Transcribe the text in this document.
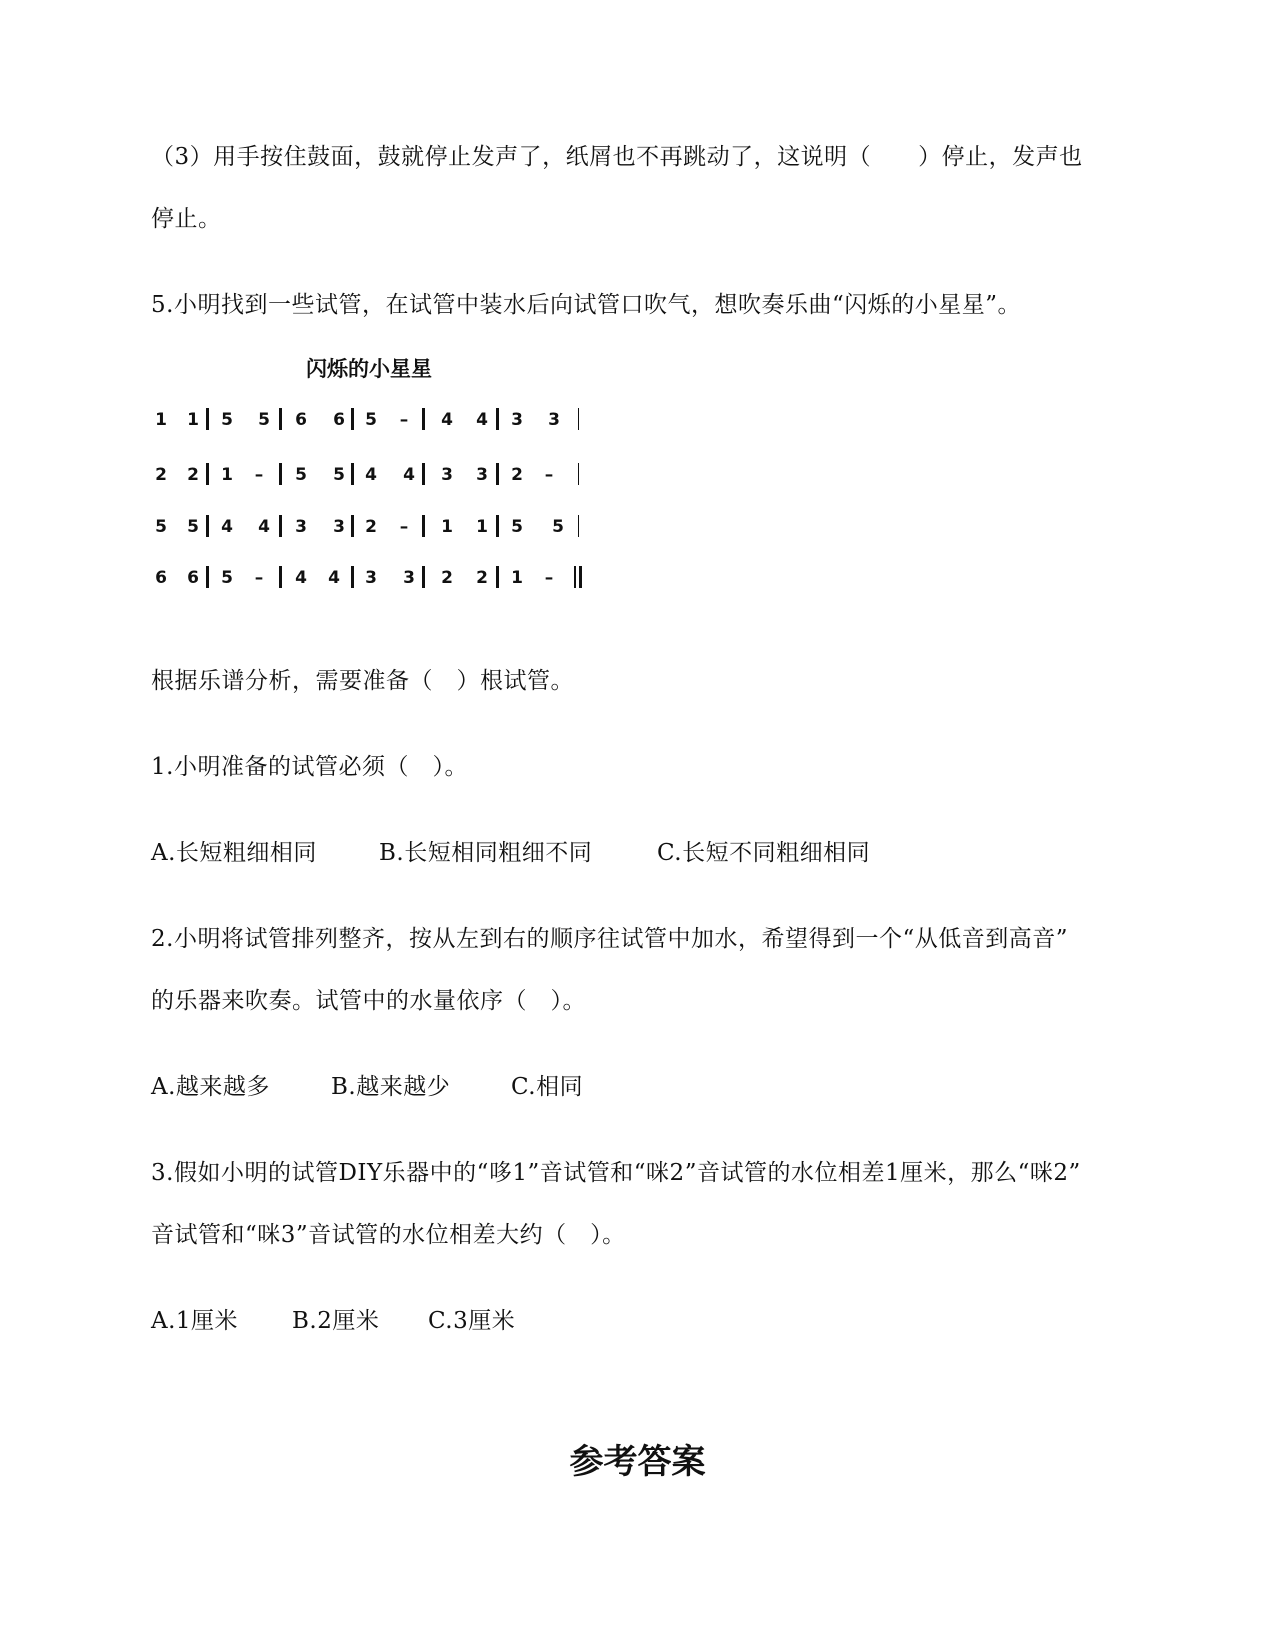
（3）用手按住鼓面，鼓就停止发声了，纸屑也不再跳动了，这说明（　　）停止，发声也
停止。
5.小明找到一些试管，在试管中装水后向试管口吹气，想吹奏乐曲“闪烁的小星星”。
闪烁的小星星
1 1 5 5 6 6 5 – 4 4 3 3
2 2 1 – 5 5 4 4 3 3 2 –
5 5 4 4 3 3 2 – 1 1 5 5
6 6 5 – 4 4 3 3 2 2 1 –
根据乐谱分析，需要准备（　）根试管。
1.小明准备的试管必须（　）。
A.长短粗细相同	B.长短相同粗细不同	C.长短不同粗细相同
2.小明将试管排列整齐，按从左到右的顺序往试管中加水，希望得到一个“从低音到高音”
的乐器来吹奏。试管中的水量依序（　）。
A.越来越多	B.越来越少	C.相同
3.假如小明的试管DIY乐器中的“哆1”音试管和“咪2”音试管的水位相差1厘米，那么“咪2”
音试管和“咪3”音试管的水位相差大约（　）。
A.1厘米 B.2厘米 C.3厘米
参考答案
